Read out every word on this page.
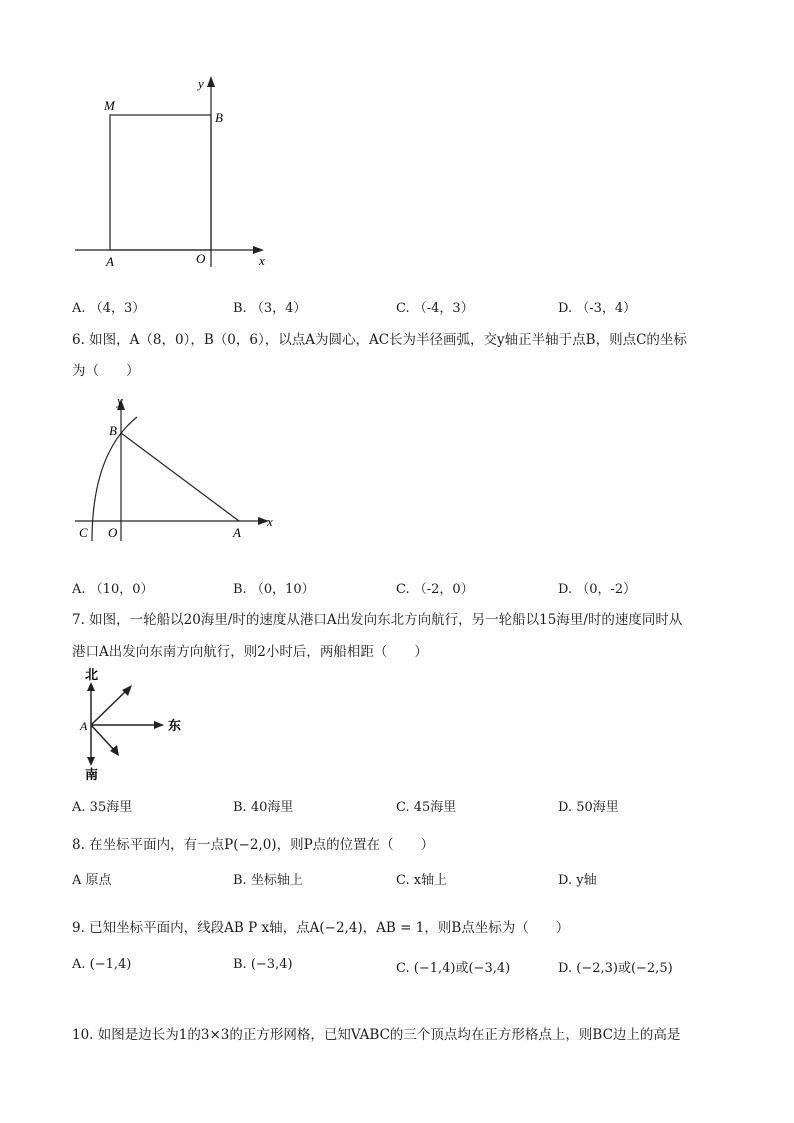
y
M
B
A	O	x
A. （4，3）	B. （3，4）	C. （-4，3）	D. （-3，4）
6. 如图，A（8，0），B（0，6），以点A为圆心，AC长为半径画弧，交y轴正半轴于点B，则点C的坐标
为（　　）
y
B
C O	A
x
A. （10，0）	B. （0，10）	C. （-2，0）	D. （0，-2）
7. 如图，一轮船以20海里/时的速度从港口A出发向东北方向航行，另一轮船以15海里/时的速度同时从
港口A出发向东南方向航行，则2小时后，两船相距（　　）
北
A	东
南
A. 35海里	B. 40海里	C. 45海里	D. 50海里
8. 在坐标平面内，有一点P(−2,0)，则P点的位置在（　　）
A 原点	B. 坐标轴上	C. x轴上	D. y轴
9. 已知坐标平面内，线段AB P x轴，点A(−2,4)，AB = 1，则B点坐标为（　　）
A. (−1,4)	B. (−3,4)	C. (−1,4)或(−3,4)	D. (−2,3)或(−2,5)
10. 如图是边长为1的3×3的正方形网格，已知VABC的三个顶点均在正方形格点上，则BC边上的高是
